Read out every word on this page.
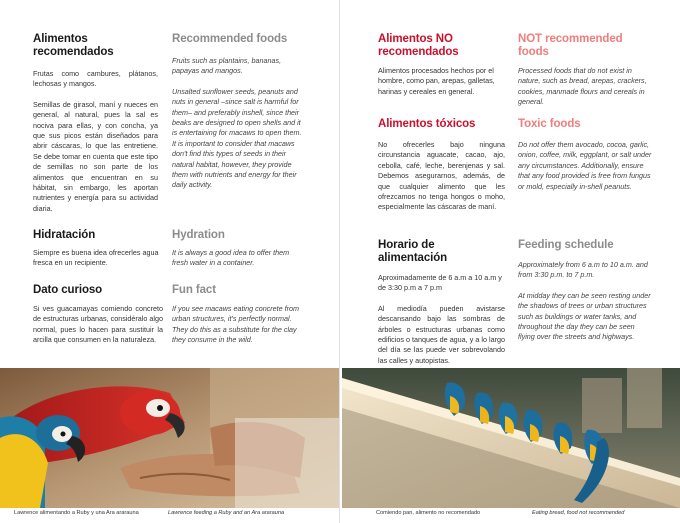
Alimentos recomendados

Frutas como cambures, plátanos, lechosas y mangos.

Semillas de girasol, maní y nueces en general, al natural, pues la sal es nociva para ellas, y con concha, ya que sus picos están diseñados para abrir cáscaras, lo que las entretiene. Se debe tomar en cuenta que este tipo de semillas no son parte de los alimentos que encuentran en su hábitat, sin embargo, les aportan nutrientes y energía para su actividad diaria.

Recommended foods

Fruits such as plantains, bananas, papayas and mangos.

Unsalted sunflower seeds, peanuts and nuts in general –since salt is harmful for them– and preferably inshell, since their beaks are designed to open shells and it is entertaining for macaws to open them. It is important to consider that macaws don't find this types of seeds in their natural habitat, however, they provide them with nutrients and energy for their daily activity.

Hidratación

Siempre es buena idea ofrecerles agua fresca en un recipiente.

Hydration

It is always a good idea to offer them fresh water in a container.

Dato curioso

Si ves guacamayas comiendo concreto de estructuras urbanas, considéralo algo normal, pues lo hacen para sustituir la arcilla que consumen en la naturaleza.

Fun fact

If you see macaws eating concrete from urban structures, it's perfectly normal. They do this as a substitute for the clay they consume in the wild.

Lawrence alimentando a Ruby y una Ara ararauna	Lawrence feeding a Ruby and an Ara ararauna
Alimentos NO recomendados

Alimentos procesados hechos por el hombre, como pan, arepas, galletas, harinas y cereales en general.

NOT recommended foods

Processed foods that do not exist in nature, such as bread, arepas, crackers, cookies, manmade flours and cereals in general.

Alimentos tóxicos

No ofrecerles bajo ninguna circunstancia aguacate, cacao, ajo, cebolla, café, leche, berenjenas y sal. Debemos asegurarnos, además, de que cualquier alimento que les ofrezcamos no tenga hongos o moho, especialmente las cáscaras de maní.

Toxic foods

Do not offer them avocado, cocoa, garlic, onion, coffee, milk, eggplant, or salt under any circumstances. Additionally, ensure that any food provided is free from fungus or mold, especially in-shell peanuts.

Horario de alimentación

Aproximadamente de 6 a.m a 10 a.m y de 3:30 p.m a 7 p.m

Al mediodía pueden avistarse descansando bajo las sombras de árboles o estructuras urbanas como edificios o tanques de agua, y a lo largo del día se las puede ver sobrevolando las calles y autopistas.

Feeding schedule

Approximately from 6 a.m to 10 a.m. and from 3:30 p.m. to 7 p.m.

At midday they can be seen resting under the shadows of trees or urban structures such as buildings or water tanks, and throughout the day they can be seen flying over the streets and highways.

Comiendo pan, alimento no recomendado	Eating bread, food not recommended
